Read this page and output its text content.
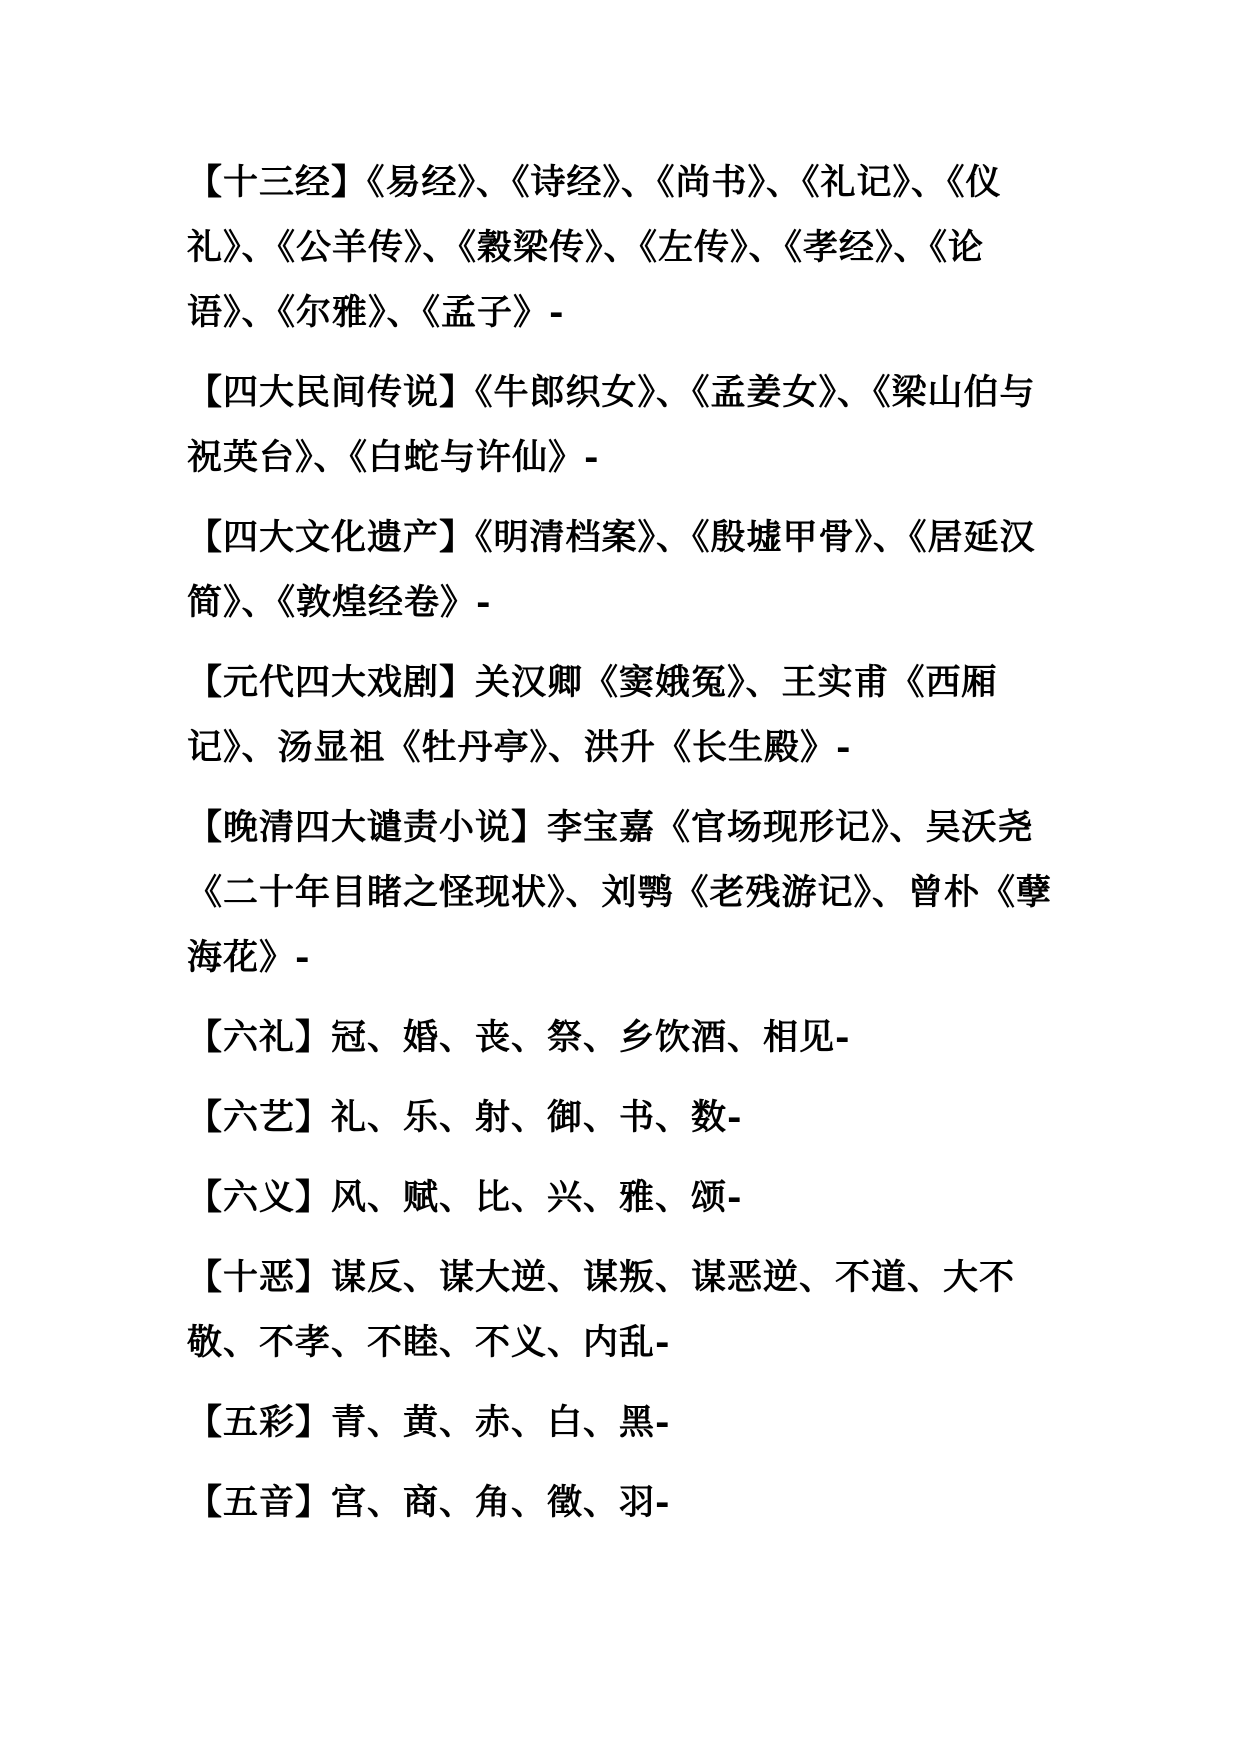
【十三经】《易经》、《诗经》、《尚书》、《礼记》、《仪礼》、《公羊传》、《穀梁传》、《左传》、《孝经》、《论语》、《尔雅》、《孟子》-

【四大民间传说】《牛郎织女》、《孟姜女》、《梁山伯与祝英台》、《白蛇与许仙》-

【四大文化遗产】《明清档案》、《殷墟甲骨》、《居延汉简》、《敦煌经卷》-

【元代四大戏剧】关汉卿《窦娥冤》、王实甫《西厢记》、汤显祖《牡丹亭》、洪升《长生殿》-

【晚清四大谴责小说】李宝嘉《官场现形记》、吴沃尧《二十年目睹之怪现状》、刘鹗《老残游记》、曾朴《孽海花》-

【六礼】冠、婚、丧、祭、乡饮酒、相见-

【六艺】礼、乐、射、御、书、数-

【六义】风、赋、比、兴、雅、颂-

【十恶】谋反、谋大逆、谋叛、谋恶逆、不道、大不敬、不孝、不睦、不义、内乱-

【五彩】青、黄、赤、白、黑-

【五音】宫、商、角、徵、羽-
